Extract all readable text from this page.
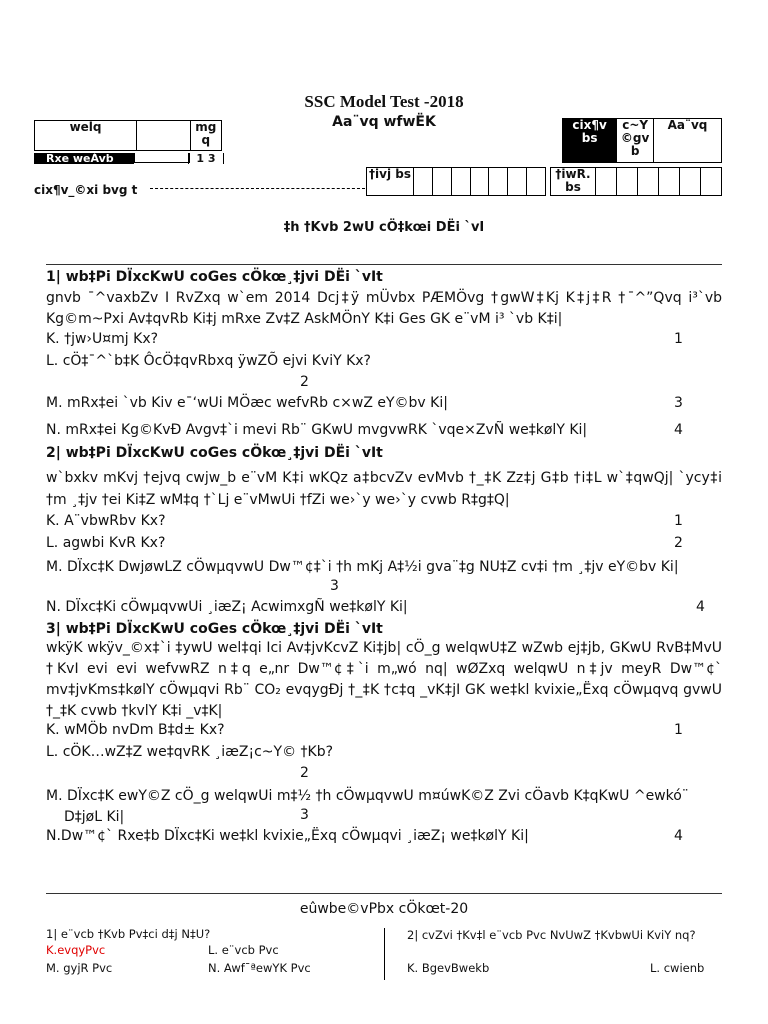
SSC Model Test -2018
Aa¨vq wfwËK
welq		mg q
Rxe weÁvb	1 3
cix¶v_©xi bvg t
cix¶v bs	c~Y ©gv b	Aa¨vq
†ivj bs								†iwR. bs						
‡h †Kvb 2wU cÖ‡kœi DËi `vI
1| wb‡Pi DÏxcKwU coGes cÖkœ¸‡jvi DËi `vIt
gnvb ¯^vaxbZv I RvZxq w`em 2014 Dcj‡ÿ mÜvbx PÆMÖvg †gwW‡Kj K‡j‡R †¯^”Qvq i³`vb Kg©m~Pxi Av‡qvRb Ki‡j mRxe Zv‡Z AskMÖnY K‡i Ges GK e¨vM i³ `vb K‡i|
K. †jw›U¤mj Kx?	1
L. cÖ‡¯^`b‡K ÔcÖ‡qvRbxq ÿwZÕ ejvi KviY Kx?
2
M. mRx‡ei `vb Kiv e¯‘wUi MÖæc wefvRb c×wZ eY©bv Ki|	3
N. mRx‡ei Kg©KvÐ Avgv‡`i mevi Rb¨ GKwU mvgvwRK `vqe×ZvÑ we‡kølY Ki|	4
2| wb‡Pi DÏxcKwU coGes cÖkœ¸‡jvi DËi `vIt
w`bxkv mKvj †ejvq cwjw_b e¨vM K‡i wKQz a‡bcvZv evMvb †_‡K Zz‡j G‡b †i‡L w`‡qwQj| `ycy‡i †m ¸‡jv †ei Ki‡Z wM‡q †`Lj e¨vMwUi †fZi we›`y we›`y cvwb R‡g‡Q|
K. A¨vbwRbv Kx?	1
L. agwbi KvR Kx?	2
M. DÏxc‡K DwjøwLZ cÖwµqvwU Dw™¢‡`i †h mKj A‡½i gva¨‡g NU‡Z cv‡i †m ¸‡jv eY©bv Ki|
3
N. DÏxc‡Ki cÖwµqvwUi ¸iæZ¡ AcwimxgÑ we‡kølY Ki|	4
3| wb‡Pi DÏxcKwU coGes cÖkœ¸‡jvi DËi `vIt
wkÿK wkÿv_©x‡`i ‡ywU wel‡qi Ici Av‡jvKcvZ Ki‡jb| cÖ_g welqwU‡Z wZwb ej‡jb, GKwU RvB‡MvU †KvI evi evi wefvwRZ n‡q e„nr Dw™¢‡`i m„wó nq| wØZxq welqwU n‡jv meyR Dw™¢` mv‡jvKms‡kølY cÖwµqvi Rb¨ CO₂ evqygÐj †_‡K †c‡q _vK‡jI GK we‡kl kvixie„Ëxq cÖwµqvq gvwU †_‡K cvwb †kvlY K‡i _v‡K|
K. wMÖb nvDm B‡d± Kx?	1
L. cÖK…wZ‡Z we‡qvRK ¸iæZ¡c~Y© †Kb?
2
M. DÏxc‡K ewY©Z cÖ_g welqwUi m‡½ †h cÖwµqvwU m¤úwK©Z Zvi cÖavb K‡qKwU ^ewkó¨ D‡jøL Ki|	3
N.Dw™¢` Rxe‡b DÏxc‡Ki we‡kl kvixie„Ëxq cÖwµqvi ¸iæZ¡ we‡kølY Ki|	4
eûwbe©vPbx cÖkœt-20
1| e¨vcb †Kvb Pv‡ci d‡j N‡U?
K.evqyPvc	L. e¨vcb Pvc
M. gyjR Pvc	N. Awf¯ªewYK Pvc
2| cvZvi †Kv‡l e¨vcb Pvc NvUwZ †KvbwUi KviY nq?
K. BgevBwekb	L. cwienb
